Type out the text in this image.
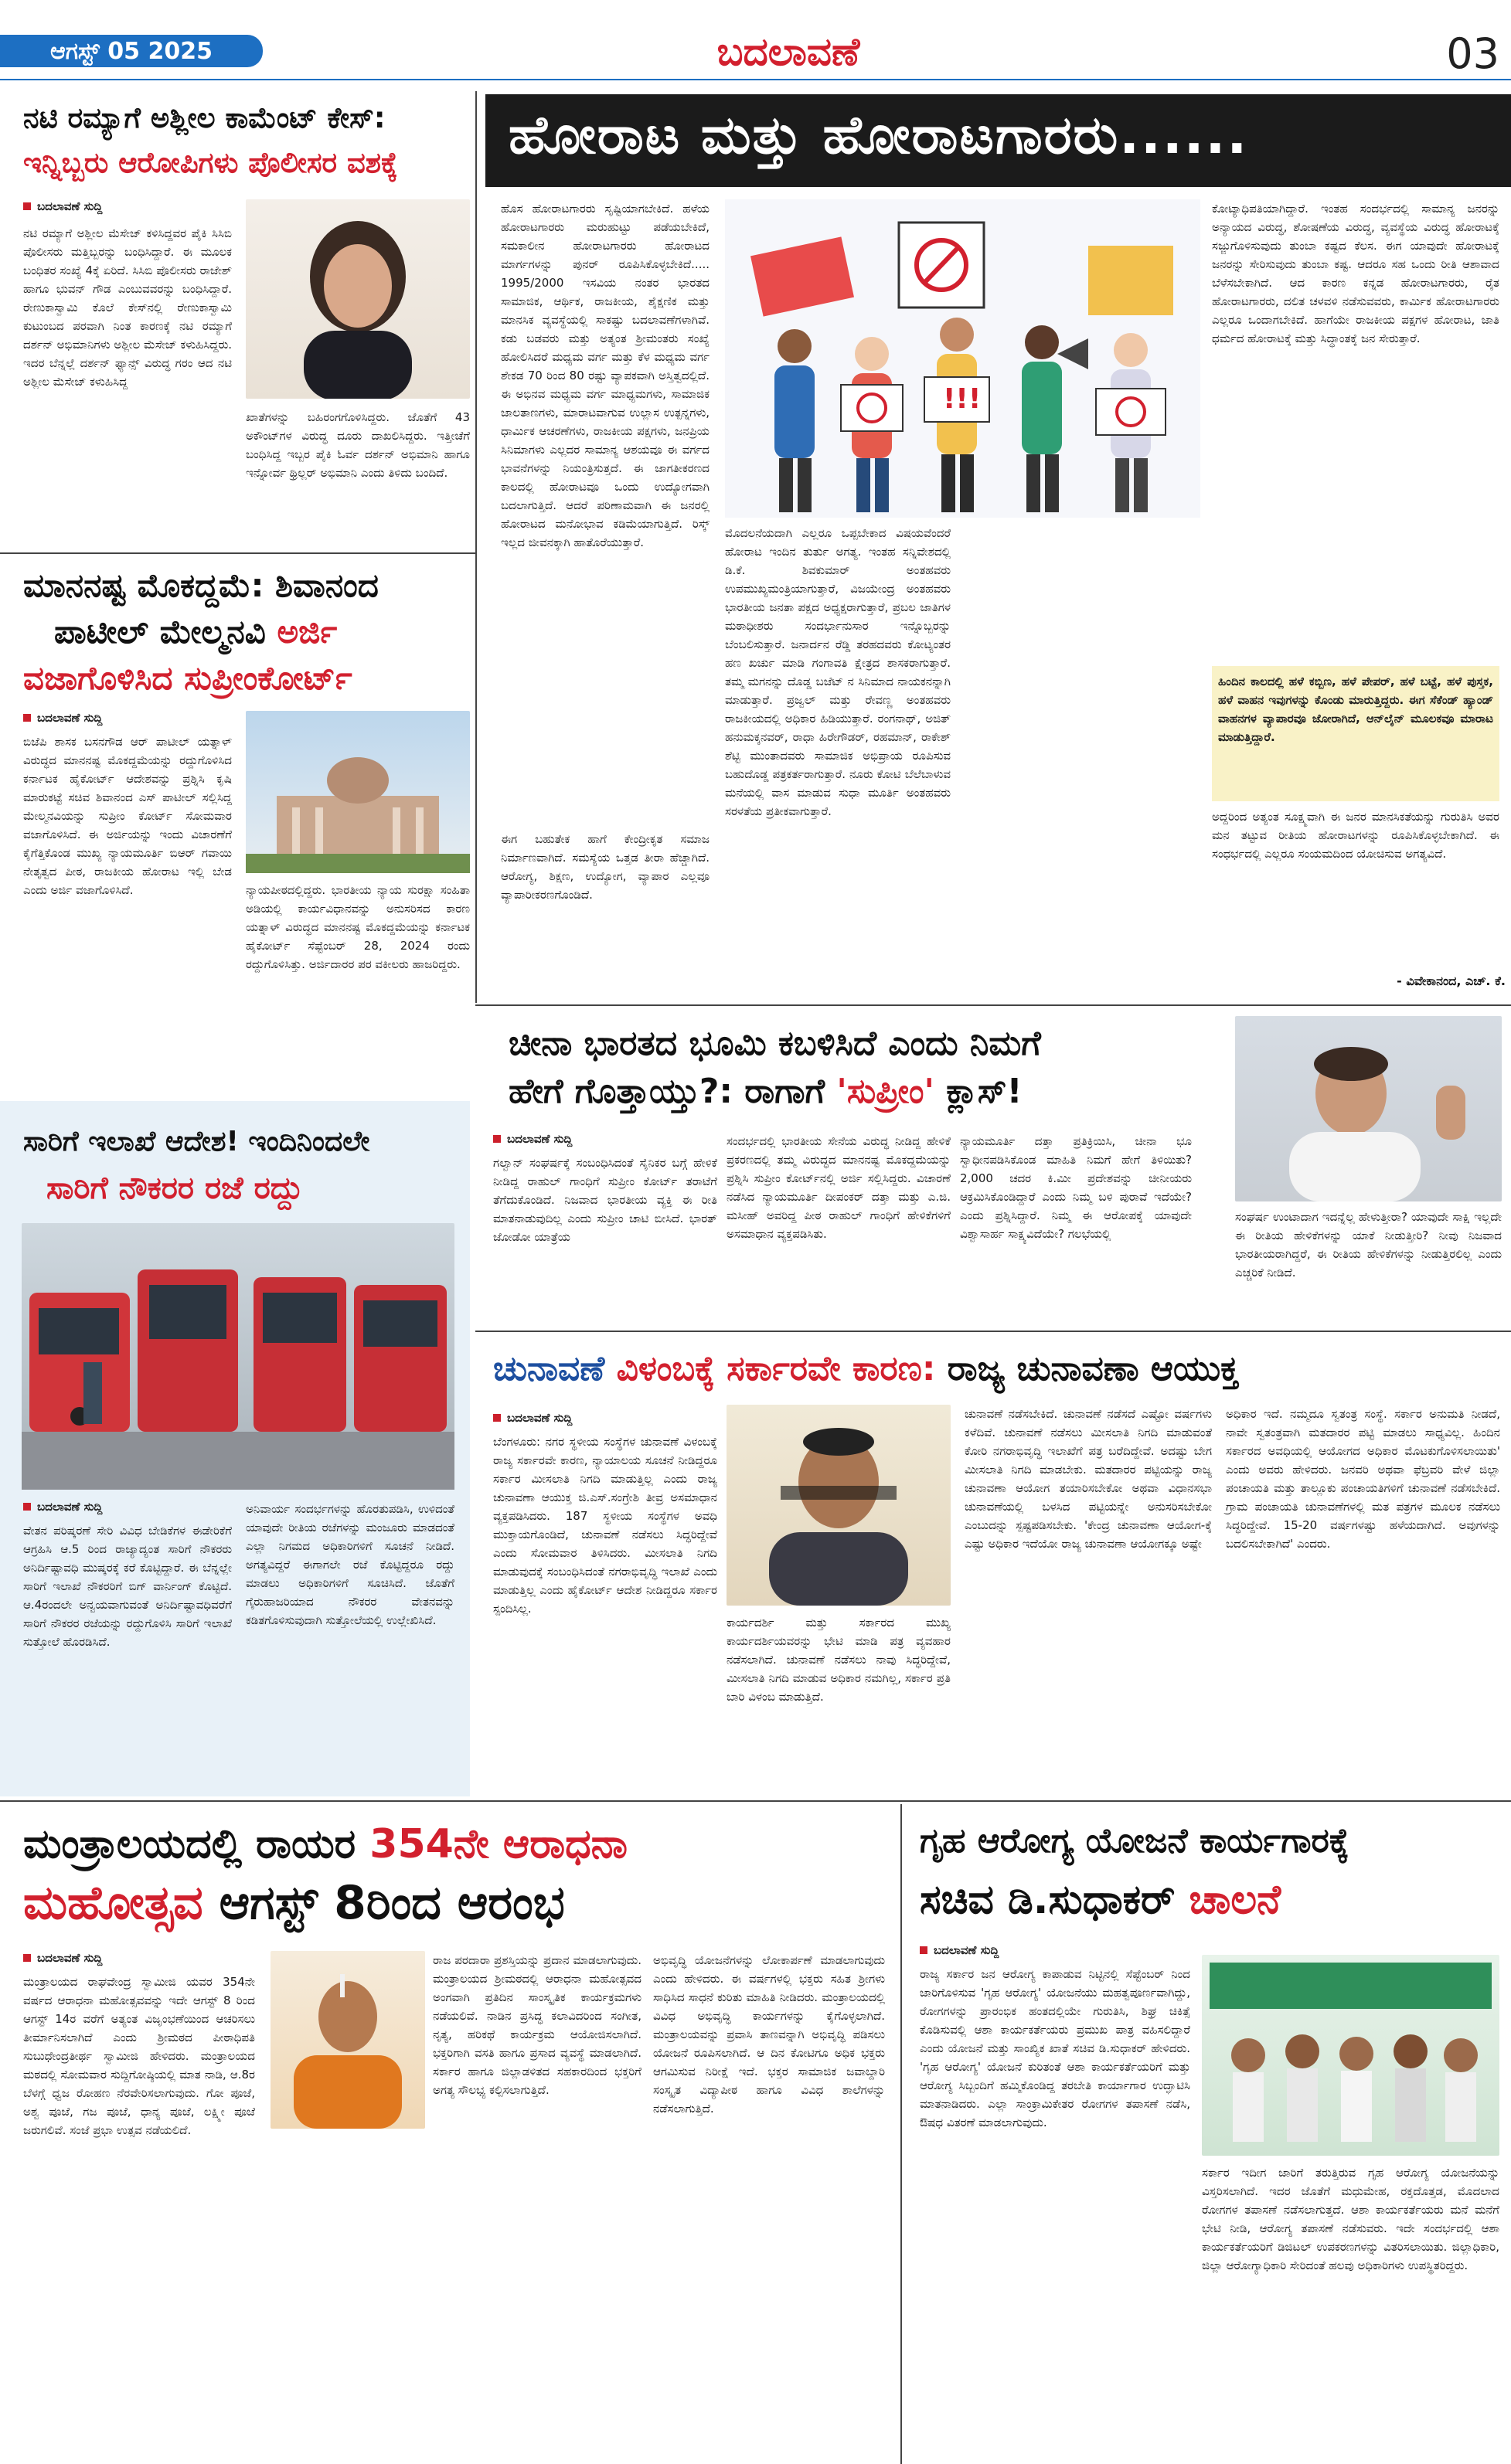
ಆಗಸ್ಟ್ 05 2025	ಬದಲಾವಣೆ	03
ನಟಿ ರಮ್ಯಾಗೆ ಅಶ್ಲೀಲ ಕಾಮೆಂಟ್ ಕೇಸ್:
ಇನ್ನಿಬ್ಬರು ಆರೋಪಿಗಳು ಪೊಲೀಸರ ವಶಕ್ಕೆ
ಬದಲಾವಣೆ ಸುದ್ದಿ
ನಟಿ ರಮ್ಯಾಗೆ ಅಶ್ಲೀಲ ಮೆಸೇಜ್ ಕಳಿಸಿದ್ದವರ ಪೈಕಿ ಸಿಸಿಬಿ ಪೊಲೀಸರು ಮತ್ತಿಬ್ಬರನ್ನು ಬಂಧಿಸಿದ್ದಾರೆ. ಈ ಮೂಲಕ ಬಂಧಿತರ ಸಂಖ್ಯೆ 4ಕ್ಕೆ ಏರಿದೆ. ಸಿಸಿಬಿ ಪೊಲೀಸರು ರಾಜೇಶ್ ಹಾಗೂ ಭುವನ್ ಗೌಡ ಎಂಬುವವರನ್ನು ಬಂಧಿಸಿದ್ದಾರೆ. ರೇಣುಕಾಸ್ವಾಮಿ ಕೊಲೆ ಕೇಸ್‌ನಲ್ಲಿ ರೇಣುಕಾಸ್ವಾಮಿ ಕುಟುಂಬದ ಪರವಾಗಿ ನಿಂತ ಕಾರಣಕ್ಕೆ ನಟಿ ರಮ್ಯಾಗೆ ದರ್ಶನ್ ಅಭಿಮಾನಿಗಳು ಅಶ್ಲೀಲ ಮೆಸೇಜ್ ಕಳುಹಿಸಿದ್ದರು. ಇದರ ಬೆನ್ನಲ್ಲೆ ದರ್ಶನ್ ಫ್ಯಾನ್ಸ್ ವಿರುದ್ಧ ಗರಂ ಆದ ನಟಿ ಅಶ್ಲೀಲ ಮೆಸೇಜ್ ಕಳುಹಿಸಿದ್ದ
ಖಾತೆಗಳನ್ನು ಬಹಿರಂಗಗೊಳಿಸಿದ್ದರು. ಜೊತೆಗೆ 43 ಅಕೌಂಟ್‌ಗಳ ವಿರುದ್ಧ ದೂರು ದಾಖಲಿಸಿದ್ದರು. ಇತ್ತೀಚೆಗೆ ಬಂಧಿಸಿದ್ದ ಇಬ್ಬರ ಪೈಕಿ ಓರ್ವ ದರ್ಶನ್ ಅಭಿಮಾನಿ ಹಾಗೂ ಇನ್ನೋರ್ವ ಥ್ರಿಲ್ಲರ್ ಅಭಿಮಾನಿ ಎಂದು ತಿಳಿದು ಬಂದಿದೆ.
ಹೋರಾಟ ಮತ್ತು ಹೋರಾಟಗಾರರು......
ಹೊಸ ಹೋರಾಟಗಾರರು ಸೃಷ್ಟಿಯಾಗಬೇಕಿದೆ. ಹಳೆಯ ಹೋರಾಟಗಾರರು ಮರುಹುಟ್ಟು ಪಡೆಯಬೇಕಿದೆ, ಸಮಕಾಲೀನ ಹೋರಾಟಗಾರರು ಹೋರಾಟದ ಮಾರ್ಗಗಳನ್ನು ಪುನರ್ ರೂಪಿಸಿಕೊಳ್ಳಬೇಕಿದೆ..... 1995/2000 ಇಸವಿಯ ನಂತರ ಭಾರತದ ಸಾಮಾಜಿಕ, ಆರ್ಥಿಕ, ರಾಜಕೀಯ, ಶೈಕ್ಷಣಿಕ ಮತ್ತು ಮಾನಸಿಕ ವ್ಯವಸ್ಥೆಯಲ್ಲಿ ಸಾಕಷ್ಟು ಬದಲಾವಣೆಗಳಾಗಿವೆ. ಕಡು ಬಡವರು ಮತ್ತು ಅತ್ಯಂತ ಶ್ರೀಮಂತರು ಸಂಖ್ಯೆ ಹೋಲಿಸಿದರೆ ಮಧ್ಯಮ ವರ್ಗ ಮತ್ತು ಕೆಳ ಮಧ್ಯಮ ವರ್ಗ ಶೇಕಡ 70 ರಿಂದ 80 ರಷ್ಟು ವ್ಯಾಪಕವಾಗಿ ಅಸ್ತಿತ್ವದಲ್ಲಿದೆ. ಈ ಅಭಿನವ ಮಧ್ಯಮ ವರ್ಗ ಮಾಧ್ಯಮಗಳು, ಸಾಮಾಜಿಕ ಜಾಲತಾಣಗಳು, ಮಾರಾಟವಾಗುವ ಉಲ್ಲಾಸ ಉತ್ಪನ್ನಗಳು, ಧಾರ್ಮಿಕ ಆಚರಣೆಗಳು, ರಾಜಕೀಯ ಪಕ್ಷಗಳು, ಜನಪ್ರಿಯ ಸಿನಿಮಾಗಳು ಎಲ್ಲದರ ಸಾಮಾನ್ಯ ಆಶಯವೂ ಈ ವರ್ಗದ ಭಾವನೆಗಳನ್ನು ನಿಯಂತ್ರಿಸುತ್ತದೆ. ಈ ಜಾಗತೀಕರಣದ ಕಾಲದಲ್ಲಿ ಹೋರಾಟವೂ ಒಂದು ಉದ್ಯೋಗವಾಗಿ ಬದಲಾಗುತ್ತಿದೆ. ಆದರೆ ಪರಿಣಾಮವಾಗಿ ಈ ಜನರಲ್ಲಿ ಹೋರಾಟದ ಮನೋಭಾವ ಕಡಿಮೆಯಾಗುತ್ತಿದೆ. ರಿಸ್ಕ್ ಇಲ್ಲದ ಜೀವನಕ್ಕಾಗಿ ಹಾತೊರೆಯುತ್ತಾರೆ.
ಈಗ ಬಹುತೇಕ ಹಾಗೆ ಕೇಂದ್ರೀಕೃತ ಸಮಾಜ ನಿರ್ಮಾಣವಾಗಿದೆ. ಸಮಸ್ಯೆಯ ಒತ್ತಡ ತೀರಾ ಹೆಚ್ಚಾಗಿದೆ. ಆರೋಗ್ಯ, ಶಿಕ್ಷಣ, ಉದ್ಯೋಗ, ವ್ಯಾಪಾರ ಎಲ್ಲವೂ ವ್ಯಾಪಾರೀಕರಣಗೊಂಡಿದೆ.
!!!
ಮೊದಲನೆಯದಾಗಿ ಎಲ್ಲರೂ ಒಪ್ಪಬೇಕಾದ ವಿಷಯವೆಂದರೆ ಹೋರಾಟ ಇಂದಿನ ತುರ್ತು ಅಗತ್ಯ. ಇಂತಹ ಸನ್ನಿವೇಶದಲ್ಲಿ ಡಿ.ಕೆ. ಶಿವಕುಮಾರ್ ಅಂತಹವರು ಉಪಮುಖ್ಯಮಂತ್ರಿಯಾಗುತ್ತಾರೆ, ವಿಜಯೇಂದ್ರ ಅಂತಹವರು ಭಾರತೀಯ ಜನತಾ ಪಕ್ಷದ ಅಧ್ಯಕ್ಷರಾಗುತ್ತಾರೆ, ಪ್ರಬಲ ಜಾತಿಗಳ ಮಠಾಧೀಶರು ಸಂದರ್ಭಾನುಸಾರ ಇನ್ನೊಬ್ಬರನ್ನು ಬೆಂಬಲಿಸುತ್ತಾರೆ. ಜನಾರ್ದನ ರೆಡ್ಡಿ ತರಹದವರು ಕೋಟ್ಯಂತರ ಹಣ ಖರ್ಚು ಮಾಡಿ ಗಂಗಾವತಿ ಕ್ಷೇತ್ರದ ಶಾಸಕರಾಗುತ್ತಾರೆ. ತಮ್ಮ ಮಗನನ್ನು ದೊಡ್ಡ ಬಜೆಟ್ ನ ಸಿನಿಮಾದ ನಾಯಕನನ್ನಾಗಿ ಮಾಡುತ್ತಾರೆ. ಪ್ರಜ್ವಲ್ ಮತ್ತು ರೇವಣ್ಣ ಅಂತಹವರು ರಾಜಕೀಯದಲ್ಲಿ ಅಧಿಕಾರ ಹಿಡಿಯುತ್ತಾರೆ. ರಂಗನಾಥ್, ಅಜಿತ್ ಹನುಮಕ್ಕನವರ್, ರಾಧಾ ಹಿರೇಗೌಡರ್, ರಹಮಾನ್, ರಾಕೇಶ್ ಶೆಟ್ಟಿ ಮುಂತಾದವರು ಸಾಮಾಜಿಕ ಅಭಿಪ್ರಾಯ ರೂಪಿಸುವ ಬಹುದೊಡ್ಡ ಪತ್ರಕರ್ತರಾಗುತ್ತಾರೆ. ನೂರು ಕೋಟಿ ಬೆಲೆಬಾಳುವ ಮನೆಯಲ್ಲಿ ವಾಸ ಮಾಡುವ ಸುಧಾ ಮೂರ್ತಿ ಅಂತಹವರು ಸರಳತೆಯ ಪ್ರತೀಕವಾಗುತ್ತಾರೆ.
ಕೋಟ್ಯಾಧಿಪತಿಯಾಗಿದ್ದಾರೆ. ಇಂತಹ ಸಂದರ್ಭದಲ್ಲಿ ಸಾಮಾನ್ಯ ಜನರನ್ನು ಅನ್ಯಾಯದ ವಿರುದ್ಧ, ಶೋಷಣೆಯ ವಿರುದ್ಧ, ವ್ಯವಸ್ಥೆಯ ವಿರುದ್ಧ ಹೋರಾಟಕ್ಕೆ ಸಜ್ಜುಗೊಳಿಸುವುದು ತುಂಬಾ ಕಷ್ಟದ ಕೆಲಸ. ಈಗ ಯಾವುದೇ ಹೋರಾಟಕ್ಕೆ ಜನರನ್ನು ಸೇರಿಸುವುದು ತುಂಬಾ ಕಷ್ಟ. ಆದರೂ ಸಹ ಒಂದು ರೀತಿ ಆಶಾವಾದ ಬೆಳೆಸಬೇಕಾಗಿದೆ. ಆದ ಕಾರಣ ಕನ್ನಡ ಹೋರಾಟಗಾರರು, ರೈತ ಹೋರಾಟಗಾರರು, ದಲಿತ ಚಳವಳಿ ನಡೆಸುವವರು, ಕಾರ್ಮಿಕ ಹೋರಾಟಗಾರರು ಎಲ್ಲರೂ ಒಂದಾಗಬೇಕಿದೆ. ಹಾಗೆಯೇ ರಾಜಕೀಯ ಪಕ್ಷಗಳ ಹೋರಾಟ, ಜಾತಿ ಧರ್ಮದ ಹೋರಾಟಕ್ಕೆ ಮತ್ತು ಸಿದ್ಧಾಂತಕ್ಕೆ ಜನ ಸೇರುತ್ತಾರೆ.
ಹಿಂದಿನ ಕಾಲದಲ್ಲಿ ಹಳೆ ಕಬ್ಬಿಣ, ಹಳೆ ಪೇಪರ್, ಹಳೆ ಬಟ್ಟೆ, ಹಳೆ ಪುಸ್ತಕ, ಹಳೆ ವಾಹನ ಇವುಗಳನ್ನು ಕೊಂಡು ಮಾರುತ್ತಿದ್ದರು. ಈಗ ಸೆಕೆಂಡ್ ಹ್ಯಾಂಡ್ ವಾಹನಗಳ ವ್ಯಾಪಾರವೂ ಜೋರಾಗಿದೆ, ಆನ್‌ಲೈನ್ ಮೂಲಕವೂ ಮಾರಾಟ ಮಾಡುತ್ತಿದ್ದಾರೆ.
ಅದ್ದರಿಂದ ಅತ್ಯಂತ ಸೂಕ್ಷ್ಮವಾಗಿ ಈ ಜನರ ಮಾನಸಿಕತೆಯನ್ನು ಗುರುತಿಸಿ ಅವರ ಮನ ತಟ್ಟುವ ರೀತಿಯ ಹೋರಾಟಗಳನ್ನು ರೂಪಿಸಿಕೊಳ್ಳಬೇಕಾಗಿದೆ. ಈ ಸಂಧರ್ಭದಲ್ಲಿ ಎಲ್ಲರೂ ಸಂಯಮದಿಂದ ಯೋಚಿಸುವ ಅಗತ್ಯವಿದೆ.
- ವಿವೇಕಾನಂದ, ಎಚ್. ಕೆ.
ಮಾನನಷ್ಟ ಮೊಕದ್ದಮೆ: ಶಿವಾನಂದ
ಪಾಟೀಲ್ ಮೇಲ್ಮನವಿ ಅರ್ಜಿ
ವಜಾಗೊಳಿಸಿದ ಸುಪ್ರೀಂಕೋರ್ಟ್
ಬದಲಾವಣೆ ಸುದ್ದಿ
ಬಿಜೆಪಿ ಶಾಸಕ ಬಸನಗೌಡ ಆರ್ ಪಾಟೀಲ್ ಯತ್ನಾಳ್ ವಿರುದ್ಧದ ಮಾನನಷ್ಟ ಮೊಕದ್ದಮೆಯನ್ನು ರದ್ದುಗೊಳಿಸಿದ ಕರ್ನಾಟಕ ಹೈಕೋರ್ಟ್ ಆದೇಶವನ್ನು ಪ್ರಶ್ನಿಸಿ ಕೃಷಿ ಮಾರುಕಟ್ಟೆ ಸಚಿವ ಶಿವಾನಂದ ಎಸ್ ಪಾಟೀಲ್ ಸಲ್ಲಿಸಿದ್ದ ಮೇಲ್ಮನವಿಯನ್ನು ಸುಪ್ರೀಂ ಕೋರ್ಟ್ ಸೋಮವಾರ ವಜಾಗೊಳಿಸಿದೆ. ಈ ಅರ್ಜಿಯನ್ನು ಇಂದು ವಿಚಾರಣೆಗೆ ಕೈಗೆತ್ತಿಕೊಂಡ ಮುಖ್ಯ ನ್ಯಾಯಮೂರ್ತಿ ಬಿಆರ್ ಗವಾಯಿ ನೇತೃತ್ವದ ಪೀಠ, ರಾಜಕೀಯ ಹೋರಾಟ ಇಲ್ಲಿ ಬೇಡ ಎಂದು ಅರ್ಜಿ ವಜಾಗೊಳಿಸಿದೆ.	ನ್ಯಾಯಪೀಠದಲ್ಲಿದ್ದರು. ಭಾರತೀಯ ನ್ಯಾಯ ಸುರಕ್ಷಾ ಸಂಹಿತಾ ಅಡಿಯಲ್ಲಿ ಕಾರ್ಯವಿಧಾನವನ್ನು ಅನುಸರಿಸದ ಕಾರಣ ಯತ್ನಾಳ್ ವಿರುದ್ಧದ ಮಾನನಷ್ಟ ಮೊಕದ್ದಮೆಯನ್ನು ಕರ್ನಾಟಕ ಹೈಕೋರ್ಟ್ ಸೆಪ್ಟೆಂಬರ್ 28, 2024 ರಂದು ರದ್ದುಗೊಳಿಸಿತ್ತು. ಅರ್ಜಿದಾರರ ಪರ ವಕೀಲರು ಹಾಜರಿದ್ದರು.
ಚೀನಾ ಭಾರತದ ಭೂಮಿ ಕಬಳಿಸಿದೆ ಎಂದು ನಿಮಗೆ
ಹೇಗೆ ಗೊತ್ತಾಯ್ತು?: ರಾಗಾಗೆ 'ಸುಪ್ರೀಂ' ಕ್ಲಾಸ್!
ಬದಲಾವಣೆ ಸುದ್ದಿ
ಗಲ್ವಾನ್ ಸಂಘರ್ಷಕ್ಕೆ ಸಂಬಂಧಿಸಿದಂತೆ ಸೈನಿಕರ ಬಗ್ಗೆ ಹೇಳಿಕೆ ನೀಡಿದ್ದ ರಾಹುಲ್ ಗಾಂಧಿಗೆ ಸುಪ್ರೀಂ ಕೋರ್ಟ್ ತರಾಟೆಗೆ ತೆಗೆದುಕೊಂಡಿದೆ. ನಿಜವಾದ ಭಾರತೀಯ ವ್ಯಕ್ತಿ ಈ ರೀತಿ ಮಾತನಾಡುವುದಿಲ್ಲ ಎಂದು ಸುಪ್ರೀಂ ಚಾಟಿ ಬೀಸಿದೆ. ಭಾರತ್ ಜೋಡೋ ಯಾತ್ರೆಯ
ಸಂದರ್ಭದಲ್ಲಿ ಭಾರತೀಯ ಸೇನೆಯ ವಿರುದ್ಧ ನೀಡಿದ್ದ ಹೇಳಿಕೆ ಪ್ರಕರಣದಲ್ಲಿ ತಮ್ಮ ವಿರುದ್ಧದ ಮಾನನಷ್ಟ ಮೊಕದ್ದಮೆಯನ್ನು ಪ್ರಶ್ನಿಸಿ ಸುಪ್ರೀಂ ಕೋರ್ಟ್‌ನಲ್ಲಿ ಅರ್ಜಿ ಸಲ್ಲಿಸಿದ್ದರು. ವಿಚಾರಣೆ ನಡೆಸಿದ ನ್ಯಾಯಮೂರ್ತಿ ದೀಪಂಕರ್ ದತ್ತಾ ಮತ್ತು ಎ.ಜಿ. ಮಸೀಹ್ ಅವರಿದ್ದ ಪೀಠ ರಾಹುಲ್ ಗಾಂಧಿಗೆ ಹೇಳಿಕೆಗಳಿಗೆ ಅಸಮಾಧಾನ ವ್ಯಕ್ತಪಡಿಸಿತು.
ನ್ಯಾಯಮೂರ್ತಿ ದತ್ತಾ ಪ್ರತಿಕ್ರಿಯಿಸಿ, ಚೀನಾ ಭೂ ಸ್ವಾಧೀನಪಡಿಸಿಕೊಂಡ ಮಾಹಿತಿ ನಿಮಗೆ ಹೇಗೆ ತಿಳಿಯಿತು? 2,000 ಚದರ ಕಿ.ಮೀ ಪ್ರದೇಶವನ್ನು ಚೀನೀಯರು ಆಕ್ರಮಿಸಿಕೊಂಡಿದ್ದಾರೆ ಎಂದು ನಿಮ್ಮ ಬಳಿ ಪುರಾವೆ ಇದೆಯೇ? ಎಂದು ಪ್ರಶ್ನಿಸಿದ್ದಾರೆ. ನಿಮ್ಮ ಈ ಆರೋಪಕ್ಕೆ ಯಾವುದೇ ವಿಶ್ವಾಸಾರ್ಹ ಸಾಕ್ಷ್ಯವಿದೆಯೇ? ಗಲಭೆಯಲ್ಲಿ
ಸಂಘರ್ಷ ಉಂಟಾದಾಗ ಇದನ್ನೆಲ್ಲ ಹೇಳುತ್ತೀರಾ? ಯಾವುದೇ ಸಾಕ್ಷಿ ಇಲ್ಲದೇ ಈ ರೀತಿಯ ಹೇಳಿಕೆಗಳನ್ನು ಯಾಕೆ ನೀಡುತ್ತೀರಿ? ನೀವು ನಿಜವಾದ ಭಾರತೀಯರಾಗಿದ್ದರೆ, ಈ ರೀತಿಯ ಹೇಳಿಕೆಗಳನ್ನು ನೀಡುತ್ತಿರಲಿಲ್ಲ ಎಂದು ಎಚ್ಚರಿಕೆ ನೀಡಿದೆ.
ಸಾರಿಗೆ ಇಲಾಖೆ ಆದೇಶ! ಇಂದಿನಿಂದಲೇ
ಸಾರಿಗೆ ನೌಕರರ ರಜೆ ರದ್ದು
ಬದಲಾವಣೆ ಸುದ್ದಿ
ವೇತನ ಪರಿಷ್ಕರಣೆ ಸೇರಿ ವಿವಿಧ ಬೇಡಿಕೆಗಳ ಈಡೇರಿಕೆಗೆ ಆಗ್ರಹಿಸಿ ಆ.5 ರಿಂದ ರಾಜ್ಯಾದ್ಯಂತ ಸಾರಿಗೆ ನೌಕರರು ಅನಿರ್ದಿಷ್ಟಾವಧಿ ಮುಷ್ಕರಕ್ಕೆ ಕರೆ ಕೊಟ್ಟಿದ್ದಾರೆ. ಈ ಬೆನ್ನಲ್ಲೇ ಸಾರಿಗೆ ಇಲಾಖೆ ನೌಕರರಿಗೆ ಬಿಗ್ ವಾರ್ನಿಂಗ್ ಕೊಟ್ಟಿದೆ. ಆ.4ರಂದಲೇ ಅನ್ವಯವಾಗುವಂತೆ ಅನಿರ್ದಿಷ್ಟಾವಧಿವರೆಗೆ ಸಾರಿಗೆ ನೌಕರರ ರಜೆಯನ್ನು ರದ್ದುಗೊಳಿಸಿ ಸಾರಿಗೆ ಇಲಾಖೆ ಸುತ್ತೋಲೆ ಹೊರಡಿಸಿದೆ.
ಅನಿವಾರ್ಯ ಸಂದರ್ಭಗಳನ್ನು ಹೊರತುಪಡಿಸಿ, ಉಳಿದಂತೆ ಯಾವುದೇ ರೀತಿಯ ರಜೆಗಳನ್ನು ಮಂಜೂರು ಮಾಡದಂತೆ ಎಲ್ಲಾ ನಿಗಮದ ಅಧಿಕಾರಿಗಳಿಗೆ ಸೂಚನೆ ನೀಡಿದೆ. ಅಗತ್ಯವಿದ್ದರೆ ಈಗಾಗಲೇ ರಜೆ ಕೊಟ್ಟಿದ್ದರೂ ರದ್ದು ಮಾಡಲು ಅಧಿಕಾರಿಗಳಿಗೆ ಸೂಚಿಸಿದೆ. ಜೊತೆಗೆ ಗೈರುಹಾಜರಿಯಾದ ನೌಕರರ ವೇತನವನ್ನು ಕಡಿತಗೊಳಿಸುವುದಾಗಿ ಸುತ್ತೋಲೆಯಲ್ಲಿ ಉಲ್ಲೇಖಿಸಿದೆ.
ಚುನಾವಣೆ ವಿಳಂಬಕ್ಕೆ ಸರ್ಕಾರವೇ ಕಾರಣ: ರಾಜ್ಯ ಚುನಾವಣಾ ಆಯುಕ್ತ
ಬದಲಾವಣೆ ಸುದ್ದಿ
ಬೆಂಗಳೂರು: ನಗರ ಸ್ಥಳೀಯ ಸಂಸ್ಥೆಗಳ ಚುನಾವಣೆ ವಿಳಂಬಕ್ಕೆ ರಾಜ್ಯ ಸರ್ಕಾರವೇ ಕಾರಣ, ನ್ಯಾಯಾಲಯ ಸೂಚನೆ ನೀಡಿದ್ದರೂ ಸರ್ಕಾರ ಮೀಸಲಾತಿ ನಿಗದಿ ಮಾಡುತ್ತಿಲ್ಲ ಎಂದು ರಾಜ್ಯ ಚುನಾವಣಾ ಆಯುಕ್ತ ಜಿ.ಎಸ್.ಸಂಗ್ರೇಶಿ ತೀವ್ರ ಅಸಮಾಧಾನ ವ್ಯಕ್ತಪಡಿಸಿದರು. 187 ಸ್ಥಳೀಯ ಸಂಸ್ಥೆಗಳ ಅವಧಿ ಮುಕ್ತಾಯಗೊಂಡಿದೆ, ಚುನಾವಣೆ ನಡೆಸಲು ಸಿದ್ಧರಿದ್ದೇವೆ ಎಂದು ಸೋಮವಾರ ತಿಳಿಸಿದರು. ಮೀಸಲಾತಿ ನಿಗದಿ ಮಾಡುವುದಕ್ಕೆ ಸಂಬಂಧಿಸಿದಂತೆ ನಗರಾಭಿವೃದ್ಧಿ ಇಲಾಖೆ ಎಂದು ಮಾಡುತ್ತಿಲ್ಲ ಎಂದು ಹೈಕೋರ್ಟ್ ಆದೇಶ ನೀಡಿದ್ದರೂ ಸರ್ಕಾರ ಸ್ಪಂದಿಸಿಲ್ಲ.
ಕಾರ್ಯದರ್ಶಿ ಮತ್ತು ಸರ್ಕಾರದ ಮುಖ್ಯ ಕಾರ್ಯದರ್ಶಿಯವರನ್ನು ಭೇಟಿ ಮಾಡಿ ಪತ್ರ ವ್ಯವಹಾರ ನಡೆಸಲಾಗಿದೆ. ಚುನಾವಣೆ ನಡೆಸಲು ನಾವು ಸಿದ್ಧರಿದ್ದೇವೆ, ಮೀಸಲಾತಿ ನಿಗದಿ ಮಾಡುವ ಅಧಿಕಾರ ನಮಗಿಲ್ಲ, ಸರ್ಕಾರ ಪ್ರತಿ ಬಾರಿ ವಿಳಂಬ ಮಾಡುತ್ತಿದೆ.
ಚುನಾವಣೆ ನಡೆಸಬೇಕಿದೆ. ಚುನಾವಣೆ ನಡೆಸದೆ ಎಷ್ಟೋ ವರ್ಷಗಳು ಕಳೆದಿವೆ. ಚುನಾವಣೆ ನಡೆಸಲು ಮೀಸಲಾತಿ ನಿಗದಿ ಮಾಡುವಂತೆ ಕೋರಿ ನಗರಾಭಿವೃದ್ಧಿ ಇಲಾಖೆಗೆ ಪತ್ರ ಬರೆದಿದ್ದೇವೆ. ಅದಷ್ಟು ಬೇಗ ಮೀಸಲಾತಿ ನಿಗದಿ ಮಾಡಬೇಕು. ಮತದಾರರ ಪಟ್ಟಿಯನ್ನು ರಾಜ್ಯ ಚುನಾವಣಾ ಆಯೋಗ ತಯಾರಿಸಬೇಕೋ ಅಥವಾ ವಿಧಾನಸಭಾ ಚುನಾವಣೆಯಲ್ಲಿ ಬಳಸಿದ ಪಟ್ಟಿಯನ್ನೇ ಅನುಸರಿಸಬೇಕೋ ಎಂಬುದನ್ನು ಸ್ಪಷ್ಟಪಡಿಸಬೇಕು. 'ಕೇಂದ್ರ ಚುನಾವಣಾ ಆಯೋಗ-ಕ್ಕೆ ಎಷ್ಟು ಅಧಿಕಾರ ಇದೆಯೋ ರಾಜ್ಯ ಚುನಾವಣಾ ಆಯೋಗಕ್ಕೂ ಅಷ್ಟೇ
ಅಧಿಕಾರ ಇದೆ. ನಮ್ಮದೂ ಸ್ವತಂತ್ರ ಸಂಸ್ಥೆ. ಸರ್ಕಾರ ಅನುಮತಿ ನೀಡದೆ, ನಾವೇ ಸ್ವತಂತ್ರವಾಗಿ ಮತದಾರರ ಪಟ್ಟಿ ಮಾಡಲು ಸಾಧ್ಯವಿಲ್ಲ. ಹಿಂದಿನ ಸರ್ಕಾರದ ಅವಧಿಯಲ್ಲಿ ಆಯೋಗದ ಅಧಿಕಾರ ಮೊಟಕುಗೊಳಿಸಲಾಯಿತು' ಎಂದು ಅವರು ಹೇಳಿದರು. ಜನವರಿ ಅಥವಾ ಫೆಬ್ರವರಿ ವೇಳೆ ಜಿಲ್ಲಾ ಪಂಚಾಯತಿ ಮತ್ತು ತಾಲ್ಲೂಕು ಪಂಚಾಯತಿಗಳಿಗೆ ಚುನಾವಣೆ ನಡೆಸಬೇಕಿದೆ. ಗ್ರಾಮ ಪಂಚಾಯತಿ ಚುನಾವಣೆಗಳಲ್ಲಿ ಮತ ಪತ್ರಗಳ ಮೂಲಕ ನಡೆಸಲು ಸಿದ್ಧರಿದ್ದೇವೆ. 15-20 ವರ್ಷಗಳಷ್ಟು ಹಳೆಯದಾಗಿದೆ. ಅವುಗಳನ್ನು ಬದಲಿಸಬೇಕಾಗಿದೆ' ಎಂದರು.
ಮಂತ್ರಾಲಯದಲ್ಲಿ ರಾಯರ 354ನೇ ಆರಾಧನಾ
ಮಹೋತ್ಸವ ಆಗಸ್ಟ್ 8ರಿಂದ ಆರಂಭ
ಬದಲಾವಣೆ ಸುದ್ದಿ
ಮಂತ್ರಾಲಯದ ರಾಘವೇಂದ್ರ ಸ್ವಾಮೀಜಿ ಯವರ 354ನೇ ವರ್ಷದ ಆರಾಧನಾ ಮಹೋತ್ಸವವನ್ನು ಇದೇ ಆಗಸ್ಟ್ 8 ರಿಂದ ಆಗಸ್ಟ್ 14ರ ವರೆಗೆ ಅತ್ಯಂತ ವಿಜೃಂಭಣೆಯಿಂದ ಆಚರಿಸಲು ತೀರ್ಮಾನಿಸಲಾಗಿದೆ ಎಂದು ಶ್ರೀಮಠದ ಪೀಠಾಧಿಪತಿ ಸುಬುಧೇಂದ್ರತೀರ್ಥ ಸ್ವಾಮೀಜಿ ಹೇಳಿದರು. ಮಂತ್ರಾಲಯದ ಮಠದಲ್ಲಿ ಸೋಮವಾರ ಸುದ್ದಿಗೋಷ್ಠಿಯಲ್ಲಿ ಮಾತ ನಾಡಿ, ಆ.8ರ ಬೆಳಗ್ಗೆ ಧ್ವಜ ರೋಹಣ ನೆರವೇರಿಸಲಾಗುವುದು. ಗೋ ಪೂಜೆ, ಅಶ್ವ ಪೂಜೆ, ಗಜ ಪೂಜೆ, ಧಾನ್ಯ ಪೂಜೆ, ಲಕ್ಷ್ಮೀ ಪೂಜೆ ಜರುಗಲಿವೆ. ಸಂಜೆ ಪ್ರಭಾ ಉತ್ಸವ ನಡೆಯಲಿದೆ.
ರಾಜ ಪರದಾರಾ ಪ್ರಶಸ್ತಿಯನ್ನು ಪ್ರದಾನ ಮಾಡಲಾಗುವುದು. ಮಂತ್ರಾಲಯದ ಶ್ರೀಮಠದಲ್ಲಿ ಆರಾಧನಾ ಮಹೋತ್ಸವದ ಅಂಗವಾಗಿ ಪ್ರತಿದಿನ ಸಾಂಸ್ಕೃತಿಕ ಕಾರ್ಯಕ್ರಮಗಳು ನಡೆಯಲಿವೆ. ನಾಡಿನ ಪ್ರಸಿದ್ಧ ಕಲಾವಿದರಿಂದ ಸಂಗೀತ, ನೃತ್ಯ, ಹರಿಕಥೆ ಕಾರ್ಯಕ್ರಮ ಆಯೋಜಿಸಲಾಗಿದೆ. ಭಕ್ತರಿಗಾಗಿ ವಸತಿ ಹಾಗೂ ಪ್ರಸಾದ ವ್ಯವಸ್ಥೆ ಮಾಡಲಾಗಿದೆ. ಸರ್ಕಾರ ಹಾಗೂ ಜಿಲ್ಲಾಡಳಿತದ ಸಹಕಾರದಿಂದ ಭಕ್ತರಿಗೆ ಅಗತ್ಯ ಸೌಲಭ್ಯ ಕಲ್ಪಿಸಲಾಗುತ್ತಿದೆ.
ಅಭಿವೃದ್ಧಿ ಯೋಜನೆಗಳನ್ನು ಲೋಕಾರ್ಪಣೆ ಮಾಡಲಾಗುವುದು ಎಂದು ಹೇಳಿದರು. ಈ ವರ್ಷಗಳಲ್ಲಿ ಭಕ್ತರು ಸಹಿತ ಶ್ರೀಗಳು ಸಾಧಿಸಿದ ಸಾಧನೆ ಕುರಿತು ಮಾಹಿತಿ ನೀಡಿದರು. ಮಂತ್ರಾಲಯದಲ್ಲಿ ವಿವಿಧ ಅಭಿವೃದ್ಧಿ ಕಾರ್ಯಗಳನ್ನು ಕೈಗೊಳ್ಳಲಾಗಿದೆ. ಮಂತ್ರಾಲಯವನ್ನು ಪ್ರವಾಸಿ ತಾಣವನ್ನಾಗಿ ಅಭಿವೃದ್ಧಿ ಪಡಿಸಲು ಯೋಜನೆ ರೂಪಿಸಲಾಗಿದೆ. ಆ ದಿನ ಕೋಟಿಗೂ ಅಧಿಕ ಭಕ್ತರು ಆಗಮಿಸುವ ನಿರೀಕ್ಷೆ ಇದೆ. ಭಕ್ತರ ಸಾಮಾಜಿಕ ಜವಾಬ್ದಾರಿ ಸಂಸ್ಕೃತ ವಿದ್ಯಾಪೀಠ ಹಾಗೂ ವಿವಿಧ ಶಾಲೆಗಳನ್ನು ನಡೆಸಲಾಗುತ್ತಿದೆ.
ಗೃಹ ಆರೋಗ್ಯ ಯೋಜನೆ ಕಾರ್ಯಗಾರಕ್ಕೆ
ಸಚಿವ ಡಿ.ಸುಧಾಕರ್ ಚಾಲನೆ
ಬದಲಾವಣೆ ಸುದ್ದಿ
ರಾಜ್ಯ ಸರ್ಕಾರ ಜನ ಆರೋಗ್ಯ ಕಾಪಾಡುವ ನಿಟ್ಟಿನಲ್ಲಿ ಸೆಪ್ಟೆಂಬರ್ ನಿಂದ ಜಾರಿಗೊಳಿಸುವ 'ಗೃಹ ಆರೋಗ್ಯ' ಯೋಜನೆಯು ಮಹತ್ವಪೂರ್ಣವಾಗಿದ್ದು, ರೋಗಗಳನ್ನು ಪ್ರಾರಂಭಿಕ ಹಂತದಲ್ಲಿಯೇ ಗುರುತಿಸಿ, ಶಿಘ್ರ ಚಿಕಿತ್ಸೆ ಕೊಡಿಸುವಲ್ಲಿ ಆಶಾ ಕಾರ್ಯಕರ್ತೆಯರು ಪ್ರಮುಖ ಪಾತ್ರ ವಹಿಸಲಿದ್ದಾರೆ ಎಂದು ಯೋಜನೆ ಮತ್ತು ಸಾಂಖ್ಯಿಕ ಖಾತೆ ಸಚಿವ ಡಿ.ಸುಧಾಕರ್ ಹೇಳಿದರು. 'ಗೃಹ ಆರೋಗ್ಯ' ಯೋಜನೆ ಕುರಿತಂತೆ ಆಶಾ ಕಾರ್ಯಕರ್ತೆಯರಿಗೆ ಮತ್ತು ಆರೋಗ್ಯ ಸಿಬ್ಬಂದಿಗೆ ಹಮ್ಮಿಕೊಂಡಿದ್ದ ತರಬೇತಿ ಕಾರ್ಯಾಗಾರ ಉದ್ಘಾಟಿಸಿ ಮಾತನಾಡಿದರು. ಎಲ್ಲಾ ಸಾಂಕ್ರಾಮಿಕೇತರ ರೋಗಗಳ ತಪಾಸಣೆ ನಡೆಸಿ, ಔಷಧ ವಿತರಣೆ ಮಾಡಲಾಗುವುದು.
ಸರ್ಕಾರ ಇದೀಗ ಜಾರಿಗೆ ತರುತ್ತಿರುವ ಗೃಹ ಆರೋಗ್ಯ ಯೋಜನೆಯನ್ನು ವಿಸ್ತರಿಸಲಾಗಿದೆ. ಇದರ ಜೊತೆಗೆ ಮಧುಮೇಹ, ರಕ್ತದೊತ್ತಡ, ಮೊದಲಾದ ರೋಗಗಳ ತಪಾಸಣೆ ನಡೆಸಲಾಗುತ್ತದೆ. ಆಶಾ ಕಾರ್ಯಕರ್ತೆಯರು ಮನೆ ಮನೆಗೆ ಭೇಟಿ ನೀಡಿ, ಆರೋಗ್ಯ ತಪಾಸಣೆ ನಡೆಸುವರು. ಇದೇ ಸಂದರ್ಭದಲ್ಲಿ ಆಶಾ ಕಾರ್ಯಕರ್ತೆಯರಿಗೆ ಡಿಜಿಟಲ್ ಉಪಕರಣಗಳನ್ನು ವಿತರಿಸಲಾಯಿತು. ಜಿಲ್ಲಾಧಿಕಾರಿ, ಜಿಲ್ಲಾ ಆರೋಗ್ಯಾಧಿಕಾರಿ ಸೇರಿದಂತೆ ಹಲವು ಅಧಿಕಾರಿಗಳು ಉಪಸ್ಥಿತರಿದ್ದರು.
